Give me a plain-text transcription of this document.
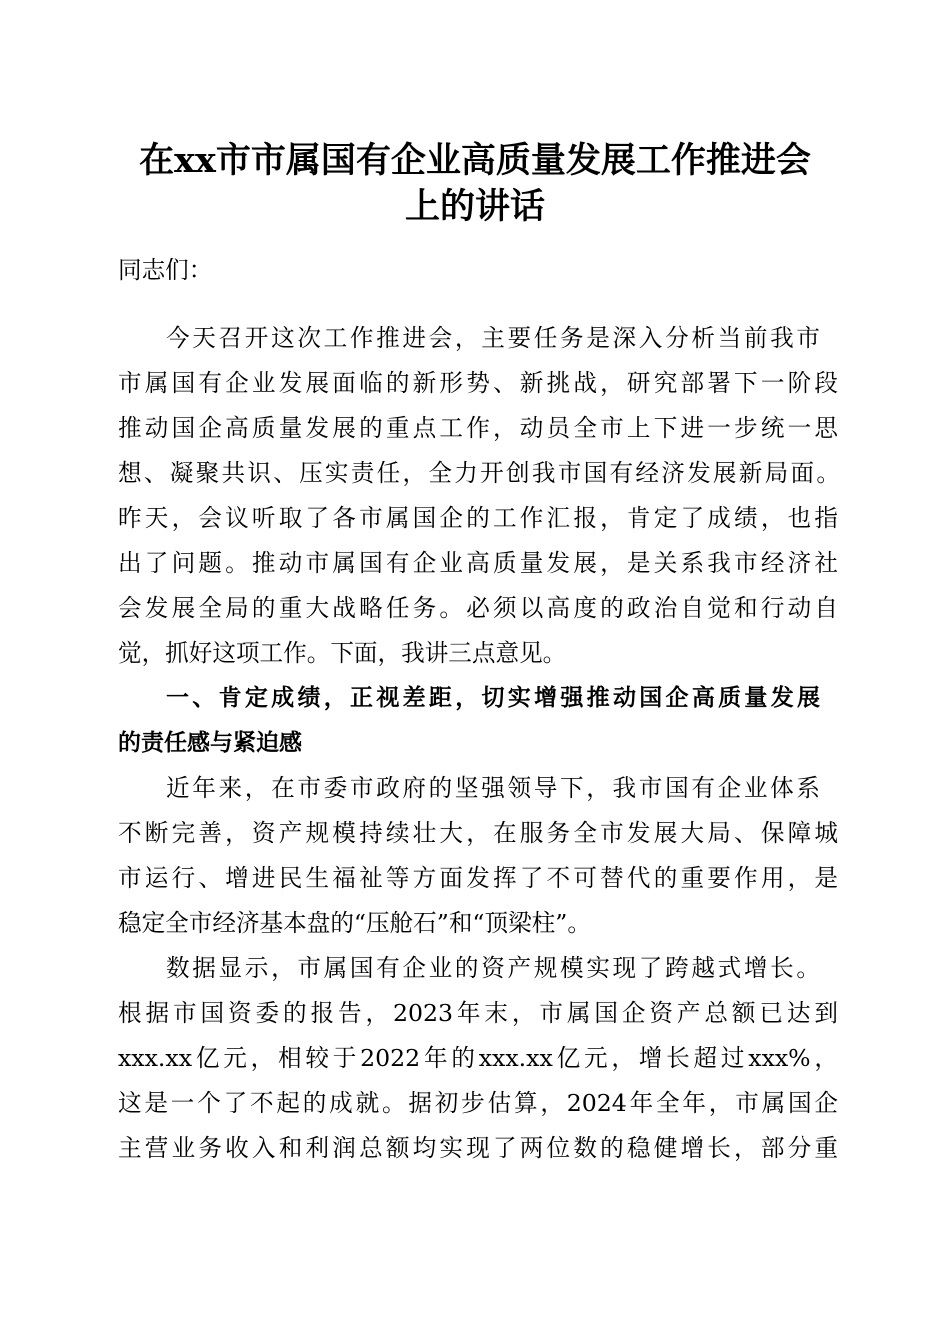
在xx市市属国有企业高质量发展工作推进会
上的讲话
同志们：
今天召开这次工作推进会，主要任务是深入分析当前我市
市属国有企业发展面临的新形势、新挑战，研究部署下一阶段
推动国企高质量发展的重点工作，动员全市上下进一步统一思
想、凝聚共识、压实责任，全力开创我市国有经济发展新局面。
昨天，会议听取了各市属国企的工作汇报，肯定了成绩，也指
出了问题。推动市属国有企业高质量发展，是关系我市经济社
会发展全局的重大战略任务。必须以高度的政治自觉和行动自
觉，抓好这项工作。下面，我讲三点意见。
一、肯定成绩，正视差距，切实增强推动国企高质量发展
的责任感与紧迫感
近年来，在市委市政府的坚强领导下，我市国有企业体系
不断完善，资产规模持续壮大，在服务全市发展大局、保障城
市运行、增进民生福祉等方面发挥了不可替代的重要作用，是
稳定全市经济基本盘的“压舱石”和“顶梁柱”。
数据显示，市属国有企业的资产规模实现了跨越式增长。
根据市国资委的报告，2023年末，市属国企资产总额已达到
xxx.xx亿元，相较于2022年的xxx.xx亿元，增长超过xxx%，
这是一个了不起的成就。据初步估算，2024年全年，市属国企
主营业务收入和利润总额均实现了两位数的稳健增长，部分重
